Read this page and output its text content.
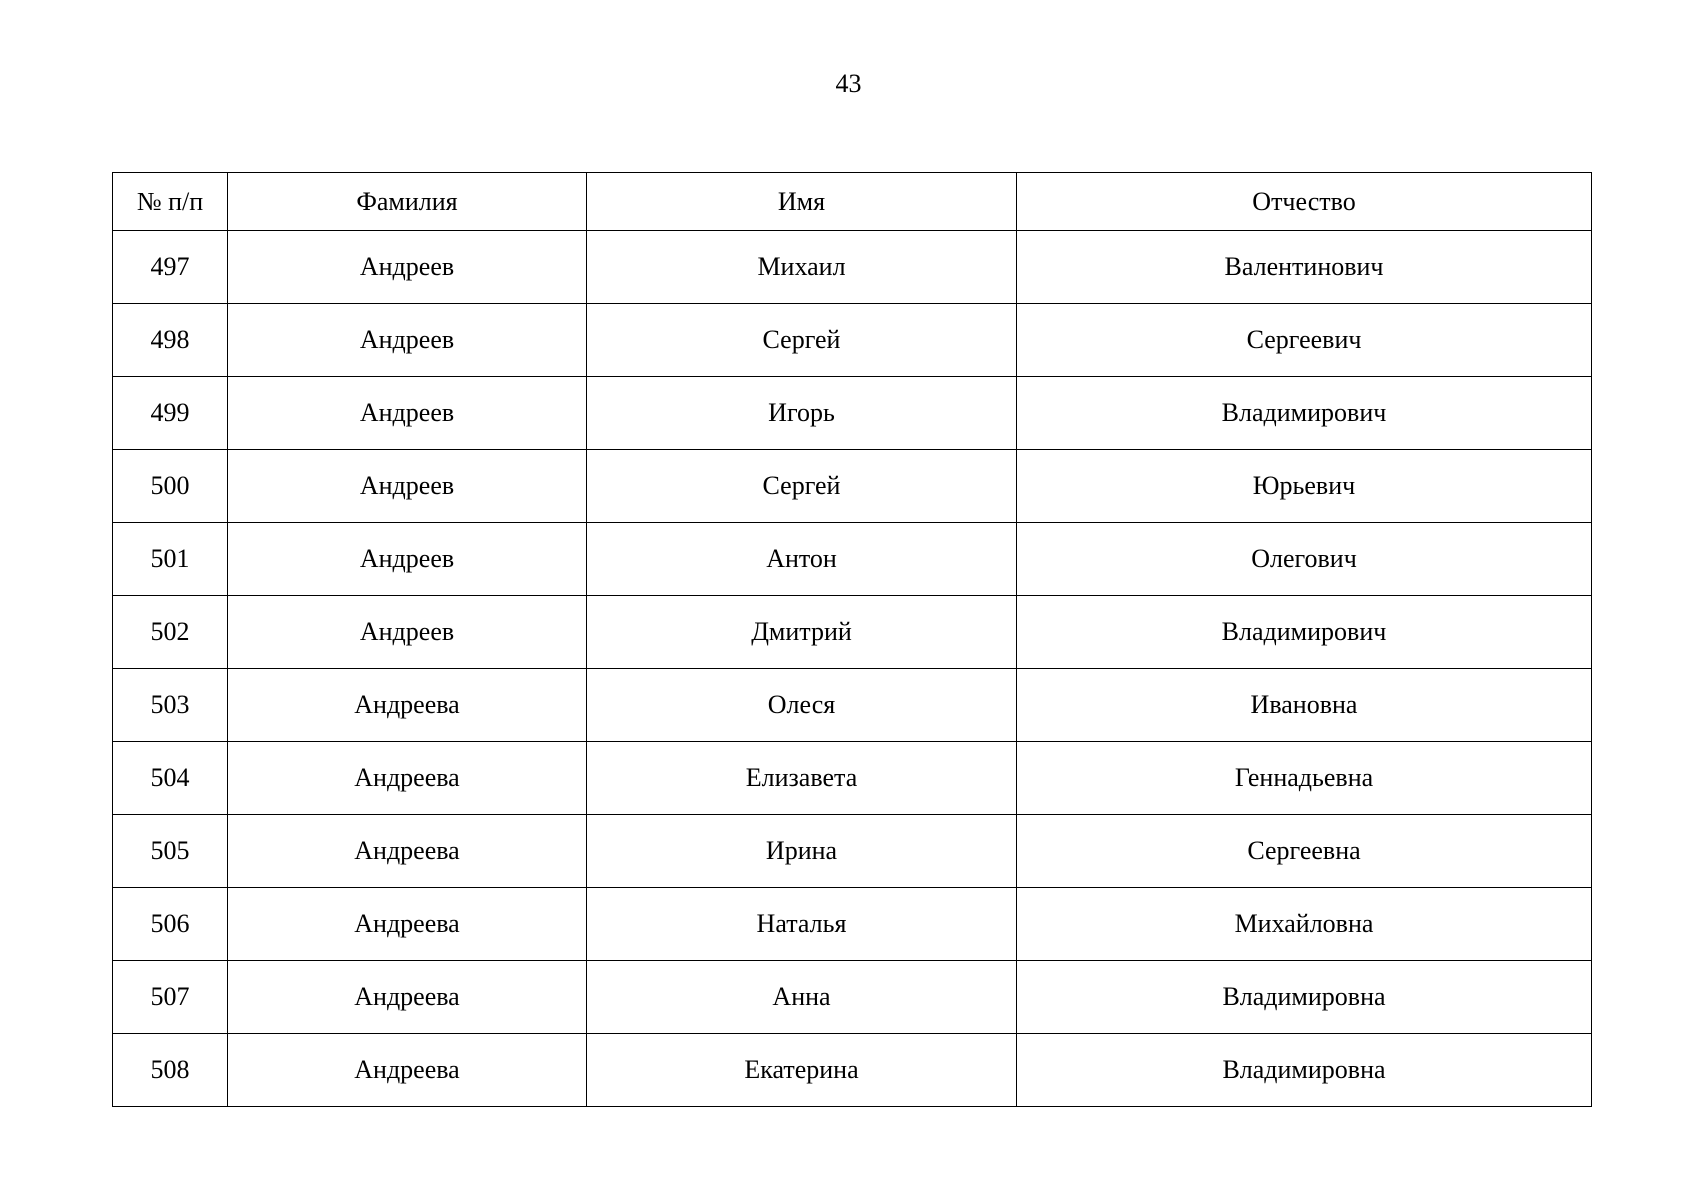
43
№ п/п	Фамилия	Имя	Отчество
497	Андреев	Михаил	Валентинович
498	Андреев	Сергей	Сергеевич
499	Андреев	Игорь	Владимирович
500	Андреев	Сергей	Юрьевич
501	Андреев	Антон	Олегович
502	Андреев	Дмитрий	Владимирович
503	Андреева	Олеся	Ивановна
504	Андреева	Елизавета	Геннадьевна
505	Андреева	Ирина	Сергеевна
506	Андреева	Наталья	Михайловна
507	Андреева	Анна	Владимировна
508	Андреева	Екатерина	Владимировна
